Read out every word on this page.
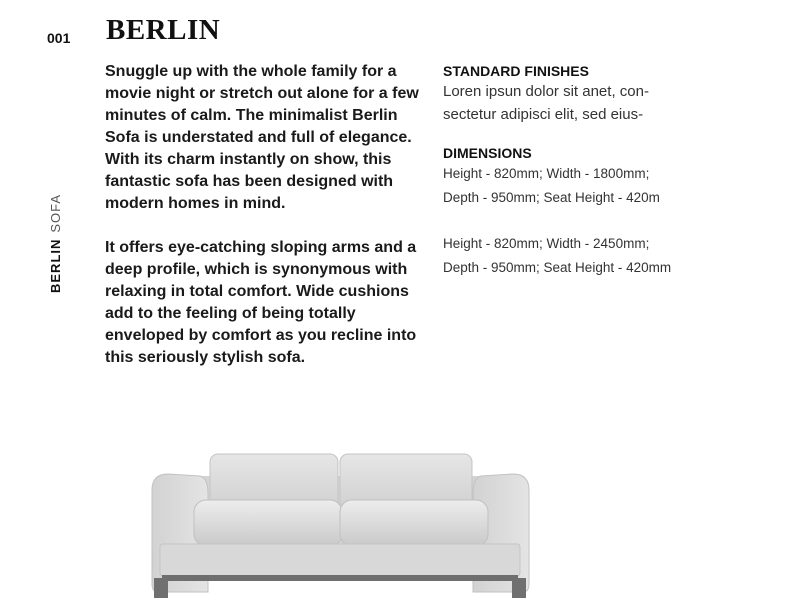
001 BERLIN
BERLINSOFA

Snuggle up with the whole family for a movie night or stretch out alone for a few minutes of calm. The minimalist Berlin Sofa is understated and full of elegance. With its charm instantly on show, this fantastic sofa has been designed with modern homes in mind.

It offers eye-catching sloping arms and a deep profile, which is synonymous with relaxing in total comfort. Wide cushions add to the feeling of being totally enveloped by comfort as you recline into this seriously stylish sofa.

STANDARD FINISHES
Loren ipsun dolor sit anet, con-
sectetur adipisci elit, sed eius-
DIMENSIONS
Height - 820mm; Width - 1800mm;
Depth - 950mm; Seat Height - 420m
Height - 820mm; Width - 2450mm;
Depth - 950mm; Seat Height - 420mm
